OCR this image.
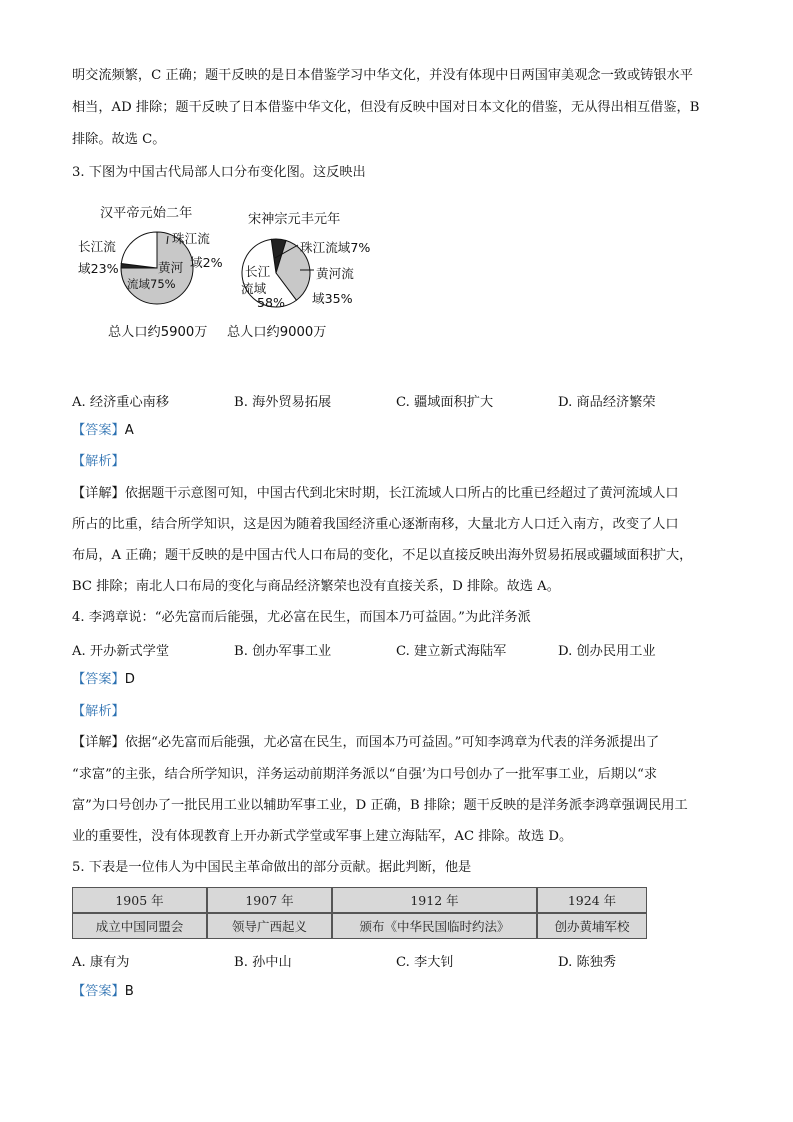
明交流频繁，C 正确；题干反映的是日本借鉴学习中华文化，并没有体现中日两国审美观念一致或铸银水平
相当，AD 排除；题干反映了日本借鉴中华文化，但没有反映中国对日本文化的借鉴，无从得出相互借鉴，B
排除。故选 C。
3. 下图为中国古代局部人口分布变化图。这反映出
汉平帝元始二年	宋神宗元丰元年
长江流
域23%
珠江流
域2%
黄河
流域75%
珠江流域7%
黄河流
域35%
长江
流域
58%
总人口约5900万 总人口约9000万
A. 经济重心南移	B. 海外贸易拓展	C. 疆域面积扩大	D. 商品经济繁荣
【答案】A
【解析】
【详解】依据题干示意图可知，中国古代到北宋时期，长江流域人口所占的比重已经超过了黄河流域人口
所占的比重，结合所学知识，这是因为随着我国经济重心逐渐南移，大量北方人口迁入南方，改变了人口
布局，A 正确；题干反映的是中国古代人口布局的变化，不足以直接反映出海外贸易拓展或疆域面积扩大，
BC 排除；南北人口布局的变化与商品经济繁荣也没有直接关系，D 排除。故选 A。
4. 李鸿章说：“必先富而后能强，尤必富在民生，而国本乃可益固。”为此洋务派
A. 开办新式学堂	B. 创办军事工业	C. 建立新式海陆军	D. 创办民用工业
【答案】D
【解析】
【详解】依据“必先富而后能强，尤必富在民生，而国本乃可益固。”可知李鸿章为代表的洋务派提出了
“求富”的主张，结合所学知识，洋务运动前期洋务派以“自强’为口号创办了一批军事工业，后期以“求
富”为口号创办了一批民用工业以辅助军事工业，D 正确，B 排除；题干反映的是洋务派李鸿章强调民用工
业的重要性，没有体现教育上开办新式学堂或军事上建立海陆军，AC 排除。故选 D。
5. 下表是一位伟人为中国民主革命做出的部分贡献。据此判断，他是
1905 年	1907 年	1912 年	1924 年
成立中国同盟会	领导广西起义	颁布《中华民国临时约法》	创办黄埔军校
A. 康有为	B. 孙中山	C. 李大钊	D. 陈独秀
【答案】B
